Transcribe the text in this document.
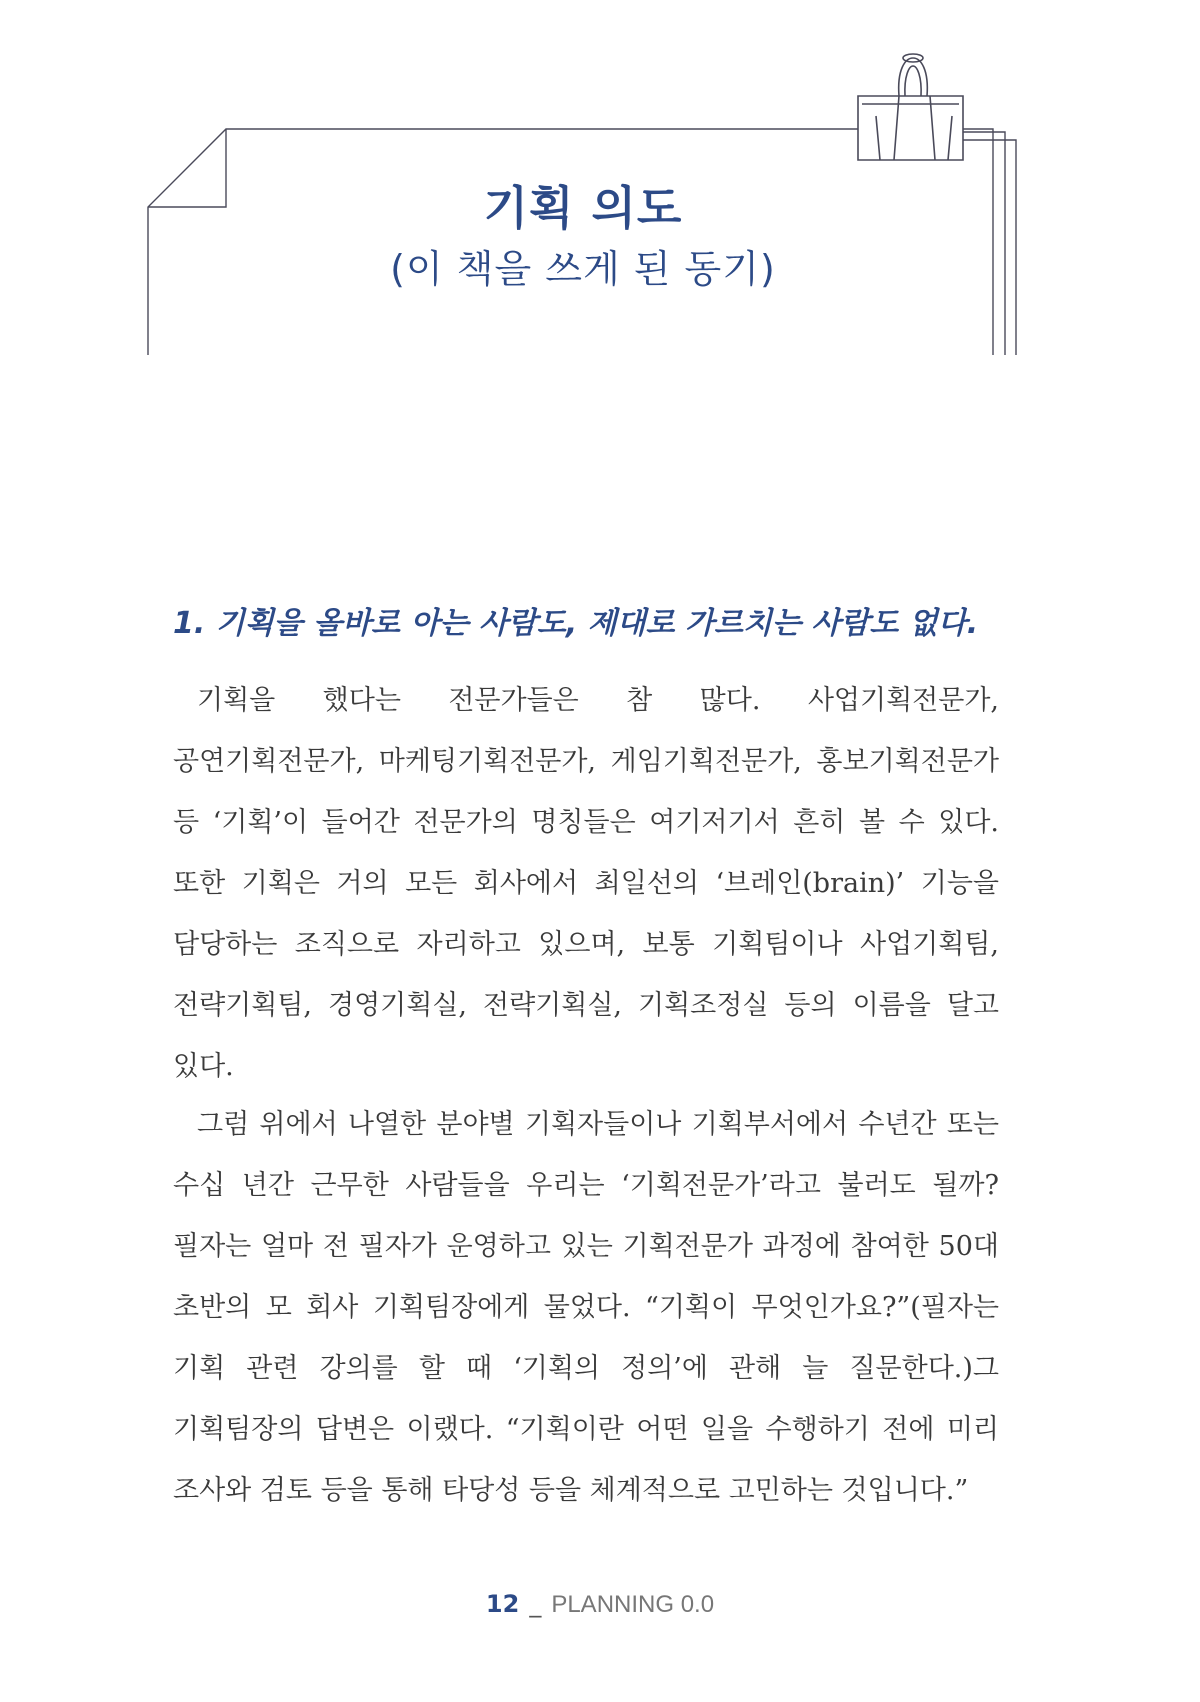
기획 의도
(이 책을 쓰게 된 동기)
1. 기획을 올바로 아는 사람도, 제대로 가르치는 사람도 없다.

기획을 했다는 전문가들은 참 많다. 사업기획전문가, 공연기획전문가, 마케팅기획전문가, 게임기획전문가, 홍보기획전문가 등 ‘기획’이 들어간 전문가의 명칭들은 여기저기서 흔히 볼 수 있다. 또한 기획은 거의 모든 회사에서 최일선의 ‘브레인(brain)’ 기능을 담당하는 조직으로 자리하고 있으며, 보통 기획팀이나 사업기획팀, 전략기획팀, 경영기획실, 전략기획실, 기획조정실 등의 이름을 달고 있다.

그럼 위에서 나열한 분야별 기획자들이나 기획부서에서 수년간 또는 수십 년간 근무한 사람들을 우리는 ‘기획전문가’라고 불러도 될까? 필자는 얼마 전 필자가 운영하고 있는 기획전문가 과정에 참여한 50대 초반의 모 회사 기획팀장에게 물었다. “기획이 무엇인가요?”(필자는 기획 관련 강의를 할 때 ‘기획의 정의’에 관해 늘 질문한다.)그 기획팀장의 답변은 이랬다. “기획이란 어떤 일을 수행하기 전에 미리 조사와 검토 등을 통해 타당성 등을 체계적으로 고민하는 것입니다.”

12 _ PLANNING 0.0
